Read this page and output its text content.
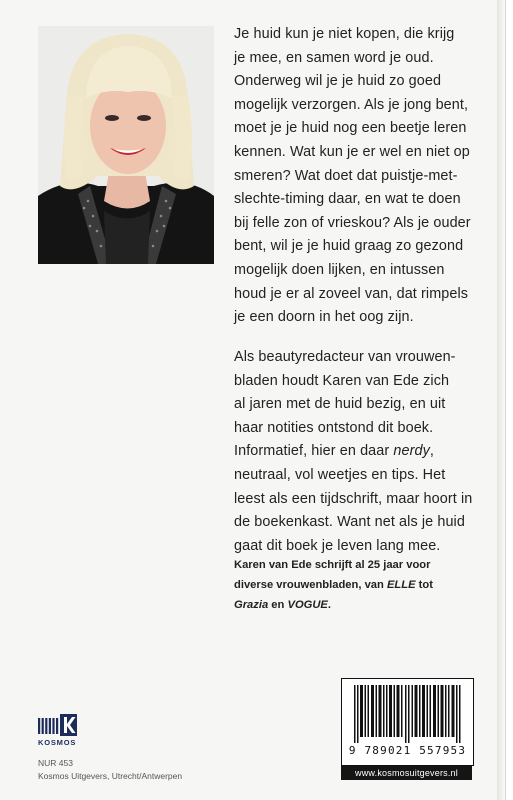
Je huid kun je niet kopen, die krijg
je mee, en samen word je oud.
Onderweg wil je je huid zo goed
mogelijk verzorgen. Als je jong bent,
moet je je huid nog een beetje leren
kennen. Wat kun je er wel en niet op
smeren? Wat doet dat puistje-met-
slechte-timing daar, en wat te doen
bij felle zon of vrieskou? Als je ouder
bent, wil je je huid graag zo gezond
mogelijk doen lijken, en intussen
houd je er al zoveel van, dat rimpels
je een doorn in het oog zijn.
Als beautyredacteur van vrouwen-
bladen houdt Karen van Ede zich
al jaren met de huid bezig, en uit
haar notities ontstond dit boek.
Informatief, hier en daar nerdy,
neutraal, vol weetjes en tips. Het
leest als een tijdschrift, maar hoort in
de boekenkast. Want net als je huid
gaat dit boek je leven lang mee.
Karen van Ede schrijft al 25 jaar voor
diverse vrouwenbladen, van ELLE tot
Grazia en VOGUE.
KOSMOS
NUR 453
Kosmos Uitgevers, Utrecht/Antwerpen
9 789021 557953
www.kosmosuitgevers.nl
